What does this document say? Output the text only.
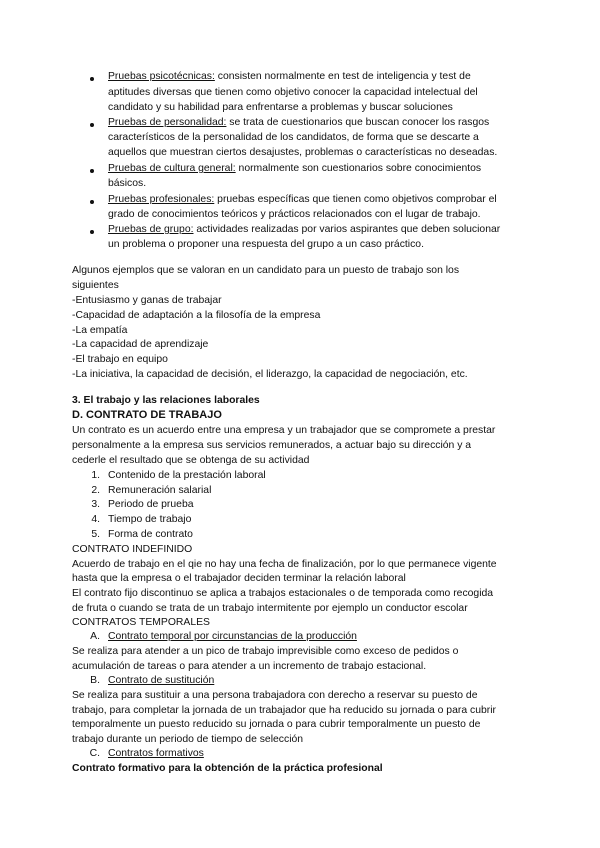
Pruebas psicotécnicas: consisten normalmente en test de inteligencia y test de
aptitudes diversas que tienen como objetivo conocer la capacidad intelectual del
candidato y su habilidad para enfrentarse a problemas y buscar soluciones
Pruebas de personalidad: se trata de cuestionarios que buscan conocer los rasgos
característicos de la personalidad de los candidatos, de forma que se descarte a
aquellos que muestran ciertos desajustes, problemas o características no deseadas.
Pruebas de cultura general: normalmente son cuestionarios sobre conocimientos
básicos.
Pruebas profesionales: pruebas específicas que tienen como objetivos comprobar el
grado de conocimientos teóricos y prácticos relacionados con el lugar de trabajo.
Pruebas de grupo: actividades realizadas por varios aspirantes que deben solucionar
un problema o proponer una respuesta del grupo a un caso práctico.
Algunos ejemplos que se valoran en un candidato para un puesto de trabajo son los
siguientes
-Entusiasmo y ganas de trabajar
-Capacidad de adaptación a la filosofía de la empresa
-La empatía
-La capacidad de aprendizaje
-El trabajo en equipo
-La iniciativa, la capacidad de decisión, el liderazgo, la capacidad de negociación, etc.
3. El trabajo y las relaciones laborales
D. CONTRATO DE TRABAJO
Un contrato es un acuerdo entre una empresa y un trabajador que se compromete a prestar
personalmente a la empresa sus servicios remunerados, a actuar bajo su dirección y a
cederle el resultado que se obtenga de su actividad
1. Contenido de la prestación laboral
2. Remuneración salarial
3. Periodo de prueba
4. Tiempo de trabajo
5. Forma de contrato
CONTRATO INDEFINIDO
Acuerdo de trabajo en el qie no hay una fecha de finalización, por lo que permanece vigente
hasta que la empresa o el trabajador deciden terminar la relación laboral
El contrato fijo discontinuo se aplica a trabajos estacionales o de temporada como recogida
de fruta o cuando se trata de un trabajo intermitente por ejemplo un conductor escolar
CONTRATOS TEMPORALES
A. Contrato temporal por circunstancias de la producción
Se realiza para atender a un pico de trabajo imprevisible como exceso de pedidos o
acumulación de tareas o para atender a un incremento de trabajo estacional.
B. Contrato de sustitución
Se realiza para sustituir a una persona trabajadora con derecho a reservar su puesto de
trabajo, para completar la jornada de un trabajador que ha reducido su jornada o para cubrir
temporalmente un puesto reducido su jornada o para cubrir temporalmente un puesto de
trabajo durante un periodo de tiempo de selección
C. Contratos formativos
Contrato formativo para la obtención de la práctica profesional
